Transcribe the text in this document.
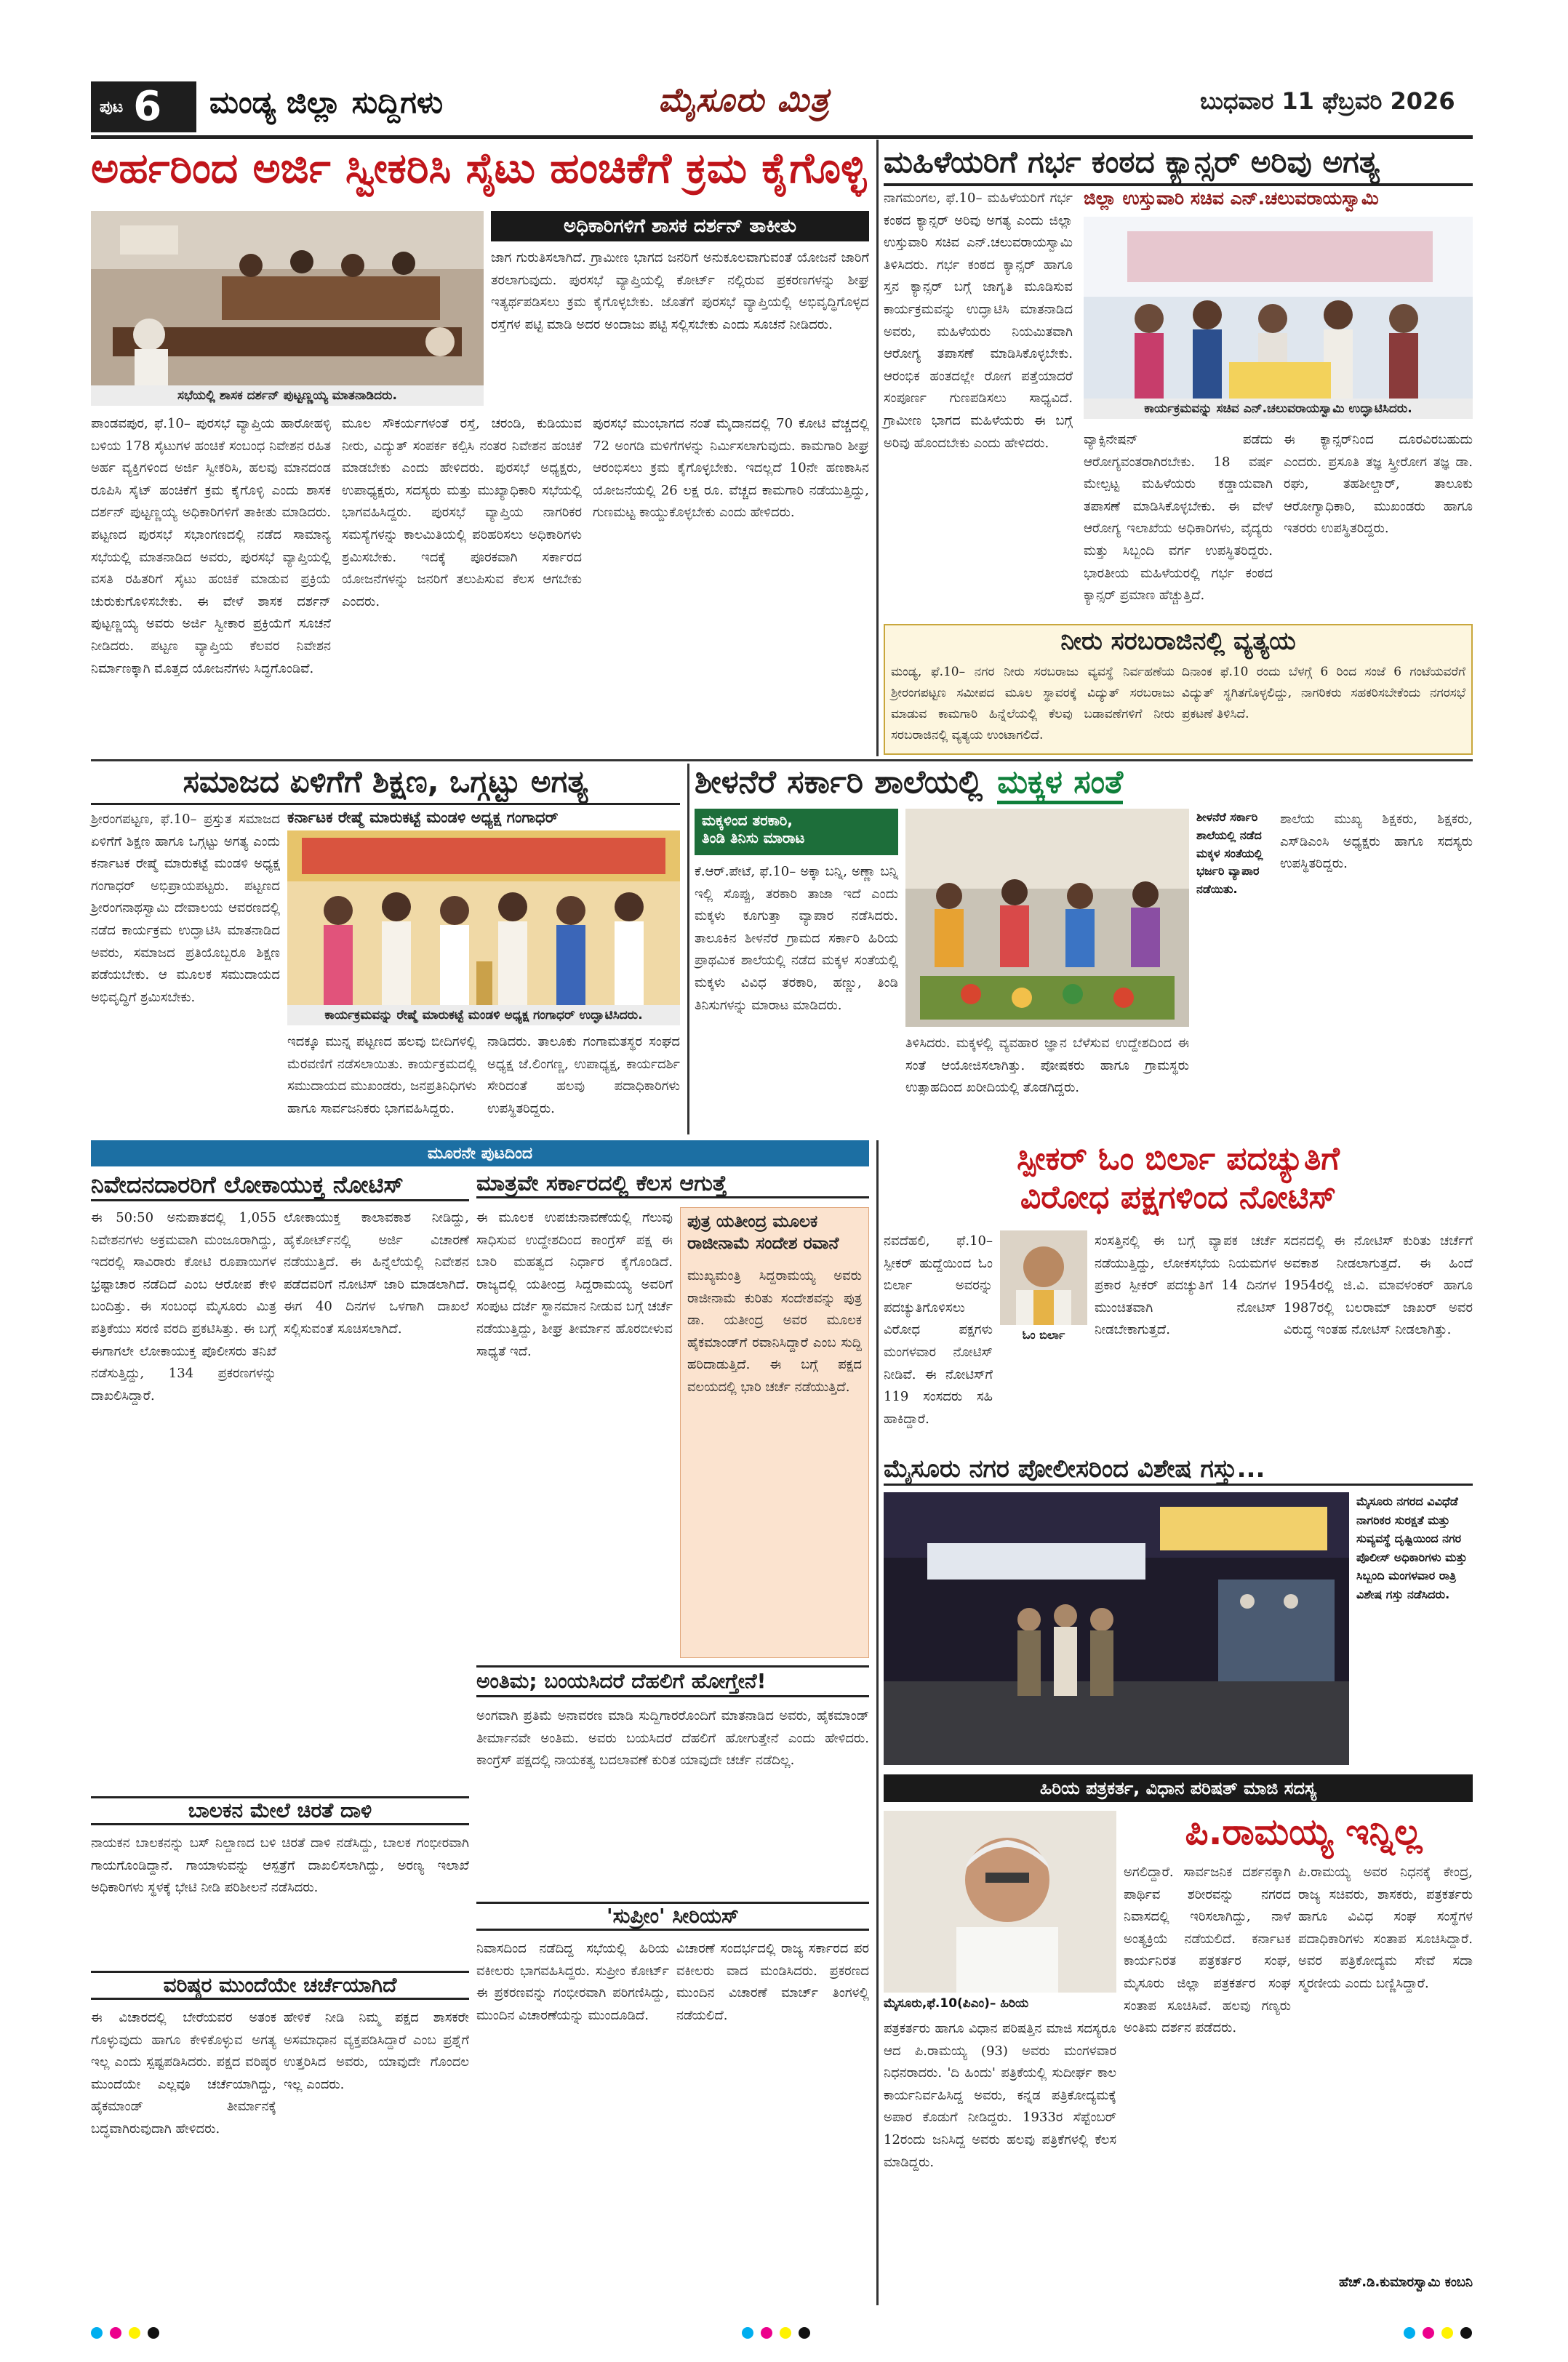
ಪುಟ 6 ಮಂಡ್ಯ ಜಿಲ್ಲಾ ಸುದ್ದಿಗಳು	ಮೈಸೂರು ಮಿತ್ರ	ಬುಧವಾರ 11 ಫೆಬ್ರವರಿ 2026
ಅರ್ಹರಿಂದ ಅರ್ಜಿ ಸ್ವೀಕರಿಸಿ ಸೈಟು ಹಂಚಿಕೆಗೆ ಕ್ರಮ ಕೈಗೊಳ್ಳಿ
ಸಭೆಯಲ್ಲಿ ಶಾಸಕ ದರ್ಶನ್ ಪುಟ್ಟಣ್ಣಯ್ಯ ಮಾತನಾಡಿದರು.
ಅಧಿಕಾರಿಗಳಿಗೆ ಶಾಸಕ ದರ್ಶನ್ ತಾಕೀತು

ಜಾಗ ಗುರುತಿಸಲಾಗಿದೆ. ಗ್ರಾಮೀಣ ಭಾಗದ ಜನರಿಗೆ ಅನುಕೂಲವಾಗುವಂತೆ ಯೋಜನೆ ಜಾರಿಗೆ ತರಲಾಗುವುದು. ಪುರಸಭೆ ವ್ಯಾಪ್ತಿಯಲ್ಲಿ ಕೋರ್ಟ್ ನಲ್ಲಿರುವ ಪ್ರಕರಣಗಳನ್ನು ಶೀಘ್ರ ಇತ್ಯರ್ಥಪಡಿಸಲು ಕ್ರಮ ಕೈಗೊಳ್ಳಬೇಕು. ಜೊತೆಗೆ ಪುರಸಭೆ ವ್ಯಾಪ್ತಿಯಲ್ಲಿ ಅಭಿವೃದ್ಧಿಗೊಳ್ಳದ ರಸ್ತೆಗಳ ಪಟ್ಟಿ ಮಾಡಿ ಅದರ ಅಂದಾಜು ಪಟ್ಟಿ ಸಲ್ಲಿಸಬೇಕು ಎಂದು ಸೂಚನೆ ನೀಡಿದರು.

ಪಾಂಡವಪುರ, ಫೆ.10– ಪುರಸಭೆ ವ್ಯಾಪ್ತಿಯ ಹಾರೋಹಳ್ಳಿ ಬಳಿಯ 178 ಸೈಟುಗಳ ಹಂಚಿಕೆ ಸಂಬಂಧ ನಿವೇಶನ ರಹಿತ ಅರ್ಹ ವ್ಯಕ್ತಿಗಳಿಂದ ಅರ್ಜಿ ಸ್ವೀಕರಿಸಿ, ಹಲವು ಮಾನದಂಡ ರೂಪಿಸಿ ಸೈಟ್ ಹಂಚಿಕೆಗೆ ಕ್ರಮ ಕೈಗೊಳ್ಳಿ ಎಂದು ಶಾಸಕ ದರ್ಶನ್ ಪುಟ್ಟಣ್ಣಯ್ಯ ಅಧಿಕಾರಿಗಳಿಗೆ ತಾಕೀತು ಮಾಡಿದರು. ಪಟ್ಟಣದ ಪುರಸಭೆ ಸಭಾಂಗಣದಲ್ಲಿ ನಡೆದ ಸಾಮಾನ್ಯ ಸಭೆಯಲ್ಲಿ ಮಾತನಾಡಿದ ಅವರು, ಪುರಸಭೆ ವ್ಯಾಪ್ತಿಯಲ್ಲಿ ವಸತಿ ರಹಿತರಿಗೆ ಸೈಟು ಹಂಚಿಕೆ ಮಾಡುವ ಪ್ರಕ್ರಿಯೆ ಚುರುಕುಗೊಳಿಸಬೇಕು. ಈ ವೇಳೆ ಶಾಸಕ ದರ್ಶನ್ ಪುಟ್ಟಣ್ಣಯ್ಯ ಅವರು ಅರ್ಜಿ ಸ್ವೀಕಾರ ಪ್ರಕ್ರಿಯೆಗೆ ಸೂಚನೆ ನೀಡಿದರು. ಪಟ್ಟಣ ವ್ಯಾಪ್ತಿಯ ಕೆಲವರ ನಿವೇಶನ ನಿರ್ಮಾಣಕ್ಕಾಗಿ ಮೊತ್ತದ ಯೋಜನೆಗಳು ಸಿದ್ಧಗೊಂಡಿವೆ.

ಮೂಲ ಸೌಕರ್ಯಗಳಂತೆ ರಸ್ತೆ, ಚರಂಡಿ, ಕುಡಿಯುವ ನೀರು, ವಿದ್ಯುತ್ ಸಂಪರ್ಕ ಕಲ್ಪಿಸಿ ನಂತರ ನಿವೇಶನ ಹಂಚಿಕೆ ಮಾಡಬೇಕು ಎಂದು ಹೇಳಿದರು. ಪುರಸಭೆ ಅಧ್ಯಕ್ಷರು, ಉಪಾಧ್ಯಕ್ಷರು, ಸದಸ್ಯರು ಮತ್ತು ಮುಖ್ಯಾಧಿಕಾರಿ ಸಭೆಯಲ್ಲಿ ಭಾಗವಹಿಸಿದ್ದರು. ಪುರಸಭೆ ವ್ಯಾಪ್ತಿಯ ನಾಗರಿಕರ ಸಮಸ್ಯೆಗಳನ್ನು ಕಾಲಮಿತಿಯಲ್ಲಿ ಪರಿಹರಿಸಲು ಅಧಿಕಾರಿಗಳು ಶ್ರಮಿಸಬೇಕು. ಇದಕ್ಕೆ ಪೂರಕವಾಗಿ ಸರ್ಕಾರದ ಯೋಜನೆಗಳನ್ನು ಜನರಿಗೆ ತಲುಪಿಸುವ ಕೆಲಸ ಆಗಬೇಕು ಎಂದರು.

ಪುರಸಭೆ ಮುಂಭಾಗದ ನಂತೆ ಮೈದಾನದಲ್ಲಿ 70 ಕೋಟಿ ವೆಚ್ಚದಲ್ಲಿ 72 ಅಂಗಡಿ ಮಳಿಗೆಗಳನ್ನು ನಿರ್ಮಿಸಲಾಗುವುದು. ಕಾಮಗಾರಿ ಶೀಘ್ರ ಆರಂಭಿಸಲು ಕ್ರಮ ಕೈಗೊಳ್ಳಬೇಕು. ಇದಲ್ಲದೆ 10ನೇ ಹಣಕಾಸಿನ ಯೋಜನೆಯಲ್ಲಿ 26 ಲಕ್ಷ ರೂ. ವೆಚ್ಚದ ಕಾಮಗಾರಿ ನಡೆಯುತ್ತಿದ್ದು, ಗುಣಮಟ್ಟ ಕಾಯ್ದುಕೊಳ್ಳಬೇಕು ಎಂದು ಹೇಳಿದರು.

ಮಹಿಳೆಯರಿಗೆ ಗರ್ಭ ಕಂಠದ ಕ್ಯಾನ್ಸರ್ ಅರಿವು ಅಗತ್ಯ

ನಾಗಮಂಗಲ, ಫೆ.10– ಮಹಿಳೆಯರಿಗೆ ಗರ್ಭ ಕಂಠದ ಕ್ಯಾನ್ಸರ್ ಅರಿವು ಅಗತ್ಯ ಎಂದು ಜಿಲ್ಲಾ ಉಸ್ತುವಾರಿ ಸಚಿವ ಎನ್.ಚಲುವರಾಯಸ್ವಾಮಿ ತಿಳಿಸಿದರು. ಗರ್ಭ ಕಂಠದ ಕ್ಯಾನ್ಸರ್ ಹಾಗೂ ಸ್ತನ ಕ್ಯಾನ್ಸರ್ ಬಗ್ಗೆ ಜಾಗೃತಿ ಮೂಡಿಸುವ ಕಾರ್ಯಕ್ರಮವನ್ನು ಉದ್ಘಾಟಿಸಿ ಮಾತನಾಡಿದ ಅವರು, ಮಹಿಳೆಯರು ನಿಯಮಿತವಾಗಿ ಆರೋಗ್ಯ ತಪಾಸಣೆ ಮಾಡಿಸಿಕೊಳ್ಳಬೇಕು. ಆರಂಭಿಕ ಹಂತದಲ್ಲೇ ರೋಗ ಪತ್ತೆಯಾದರೆ ಸಂಪೂರ್ಣ ಗುಣಪಡಿಸಲು ಸಾಧ್ಯವಿದೆ. ಗ್ರಾಮೀಣ ಭಾಗದ ಮಹಿಳೆಯರು ಈ ಬಗ್ಗೆ ಅರಿವು ಹೊಂದಬೇಕು ಎಂದು ಹೇಳಿದರು.

ಜಿಲ್ಲಾ ಉಸ್ತುವಾರಿ ಸಚಿವ ಎನ್.ಚಲುವರಾಯಸ್ವಾಮಿ
ಕಾರ್ಯಕ್ರಮವನ್ನು ಸಚಿವ ಎನ್.ಚಲುವರಾಯಸ್ವಾಮಿ ಉದ್ಘಾಟಿಸಿದರು.

ವ್ಯಾಕ್ಸಿನೇಷನ್ ಪಡೆದು ಆರೋಗ್ಯವಂತರಾಗಿರಬೇಕು. 18 ವರ್ಷ ಮೇಲ್ಪಟ್ಟ ಮಹಿಳೆಯರು ಕಡ್ಡಾಯವಾಗಿ ತಪಾಸಣೆ ಮಾಡಿಸಿಕೊಳ್ಳಬೇಕು. ಈ ವೇಳೆ ಆರೋಗ್ಯ ಇಲಾಖೆಯ ಅಧಿಕಾರಿಗಳು, ವೈದ್ಯರು ಮತ್ತು ಸಿಬ್ಬಂದಿ ವರ್ಗ ಉಪಸ್ಥಿತರಿದ್ದರು. ಭಾರತೀಯ ಮಹಿಳೆಯರಲ್ಲಿ ಗರ್ಭ ಕಂಠದ ಕ್ಯಾನ್ಸರ್ ಪ್ರಮಾಣ ಹೆಚ್ಚುತ್ತಿದೆ.

ಈ ಕ್ಯಾನ್ಸರ್‌ನಿಂದ ದೂರವಿರಬಹುದು ಎಂದರು. ಪ್ರಸೂತಿ ತಜ್ಞ ಸ್ತ್ರೀರೋಗ ತಜ್ಞ ಡಾ. ರಘು, ತಹಶೀಲ್ದಾರ್, ತಾಲೂಕು ಆರೋಗ್ಯಾಧಿಕಾರಿ, ಮುಖಂಡರು ಹಾಗೂ ಇತರರು ಉಪಸ್ಥಿತರಿದ್ದರು.

ನೀರು ಸರಬರಾಜಿನಲ್ಲಿ ವ್ಯತ್ಯಯ

ಮಂಡ್ಯ, ಫೆ.10– ನಗರ ನೀರು ಸರಬರಾಜು ವ್ಯವಸ್ಥೆ ನಿರ್ವಹಣೆಯ ಶ್ರೀರಂಗಪಟ್ಟಣ ಸಮೀಪದ ಮೂಲ ಸ್ಥಾವರಕ್ಕೆ ವಿದ್ಯುತ್ ಸರಬರಾಜು ಮಾಡುವ ಕಾಮಗಾರಿ ಹಿನ್ನೆಲೆಯಲ್ಲಿ ಕೆಲವು ಬಡಾವಣೆಗಳಿಗೆ ನೀರು ಸರಬರಾಜಿನಲ್ಲಿ ವ್ಯತ್ಯಯ ಉಂಟಾಗಲಿದೆ.

ದಿನಾಂಕ ಫೆ.10 ರಂದು ಬೆಳಗ್ಗೆ 6 ರಿಂದ ಸಂಜೆ 6 ಗಂಟೆಯವರೆಗೆ ವಿದ್ಯುತ್ ಸ್ಥಗಿತಗೊಳ್ಳಲಿದ್ದು, ನಾಗರಿಕರು ಸಹಕರಿಸಬೇಕೆಂದು ನಗರಸಭೆ ಪ್ರಕಟಣೆ ತಿಳಿಸಿದೆ.

ಸಮಾಜದ ಏಳಿಗೆಗೆ ಶಿಕ್ಷಣ, ಒಗ್ಗಟ್ಟು ಅಗತ್ಯ

ಶ್ರೀರಂಗಪಟ್ಟಣ, ಫೆ.10– ಪ್ರಸ್ತುತ ಸಮಾಜದ ಏಳಿಗೆಗೆ ಶಿಕ್ಷಣ ಹಾಗೂ ಒಗ್ಗಟ್ಟು ಅಗತ್ಯ ಎಂದು ಕರ್ನಾಟಕ ರೇಷ್ಮೆ ಮಾರುಕಟ್ಟೆ ಮಂಡಳಿ ಅಧ್ಯಕ್ಷ ಗಂಗಾಧರ್ ಅಭಿಪ್ರಾಯಪಟ್ಟರು. ಪಟ್ಟಣದ ಶ್ರೀರಂಗನಾಥಸ್ವಾಮಿ ದೇವಾಲಯ ಆವರಣದಲ್ಲಿ ನಡೆದ ಕಾರ್ಯಕ್ರಮ ಉದ್ಘಾಟಿಸಿ ಮಾತನಾಡಿದ ಅವರು, ಸಮಾಜದ ಪ್ರತಿಯೊಬ್ಬರೂ ಶಿಕ್ಷಣ ಪಡೆಯಬೇಕು. ಆ ಮೂಲಕ ಸಮುದಾಯದ ಅಭಿವೃದ್ಧಿಗೆ ಶ್ರಮಿಸಬೇಕು.

ಕರ್ನಾಟಕ ರೇಷ್ಮೆ ಮಾರುಕಟ್ಟೆ ಮಂಡಳಿ ಅಧ್ಯಕ್ಷ ಗಂಗಾಧರ್
ಕಾರ್ಯಕ್ರಮವನ್ನು ರೇಷ್ಮೆ ಮಾರುಕಟ್ಟೆ ಮಂಡಳಿ ಅಧ್ಯಕ್ಷ ಗಂಗಾಧರ್ ಉದ್ಘಾಟಿಸಿದರು.

ಇದಕ್ಕೂ ಮುನ್ನ ಪಟ್ಟಣದ ಹಲವು ಬೀದಿಗಳಲ್ಲಿ ಮೆರವಣಿಗೆ ನಡೆಸಲಾಯಿತು. ಕಾರ್ಯಕ್ರಮದಲ್ಲಿ ಸಮುದಾಯದ ಮುಖಂಡರು, ಜನಪ್ರತಿನಿಧಿಗಳು ಹಾಗೂ ಸಾರ್ವಜನಿಕರು ಭಾಗವಹಿಸಿದ್ದರು.

ನಾಡಿದರು. ತಾಲೂಕು ಗಂಗಾಮತಸ್ಥರ ಸಂಘದ ಅಧ್ಯಕ್ಷ ಜೆ.ಲಿಂಗಣ್ಣ, ಉಪಾಧ್ಯಕ್ಷ, ಕಾರ್ಯದರ್ಶಿ ಸೇರಿದಂತೆ ಹಲವು ಪದಾಧಿಕಾರಿಗಳು ಉಪಸ್ಥಿತರಿದ್ದರು.

ಶೀಳನೆರೆ ಸರ್ಕಾರಿ ಶಾಲೆಯಲ್ಲಿ ಮಕ್ಕಳ ಸಂತೆ
ಮಕ್ಕಳಿಂದ ತರಕಾರಿ,
ತಿಂಡಿ ತಿನಿಸು ಮಾರಾಟ

ಕೆ.ಆರ್.ಪೇಟೆ, ಫೆ.10– ಅಕ್ಕಾ ಬನ್ನಿ, ಅಣ್ಣಾ ಬನ್ನಿ ಇಲ್ಲಿ ಸೊಪ್ಪು, ತರಕಾರಿ ತಾಜಾ ಇದೆ ಎಂದು ಮಕ್ಕಳು ಕೂಗುತ್ತಾ ವ್ಯಾಪಾರ ನಡೆಸಿದರು. ತಾಲೂಕಿನ ಶೀಳನೆರೆ ಗ್ರಾಮದ ಸರ್ಕಾರಿ ಹಿರಿಯ ಪ್ರಾಥಮಿಕ ಶಾಲೆಯಲ್ಲಿ ನಡೆದ ಮಕ್ಕಳ ಸಂತೆಯಲ್ಲಿ ಮಕ್ಕಳು ವಿವಿಧ ತರಕಾರಿ, ಹಣ್ಣು, ತಿಂಡಿ ತಿನಿಸುಗಳನ್ನು ಮಾರಾಟ ಮಾಡಿದರು.

ಶೀಳನೆರೆ ಸರ್ಕಾರಿ ಶಾಲೆಯಲ್ಲಿ ನಡೆದ ಮಕ್ಕಳ ಸಂತೆಯಲ್ಲಿ ಭರ್ಜರಿ ವ್ಯಾಪಾರ ನಡೆಯಿತು.

ತಿಳಿಸಿದರು. ಮಕ್ಕಳಲ್ಲಿ ವ್ಯವಹಾರ ಜ್ಞಾನ ಬೆಳೆಸುವ ಉದ್ದೇಶದಿಂದ ಈ ಸಂತೆ ಆಯೋಜಿಸಲಾಗಿತ್ತು. ಪೋಷಕರು ಹಾಗೂ ಗ್ರಾಮಸ್ಥರು ಉತ್ಸಾಹದಿಂದ ಖರೀದಿಯಲ್ಲಿ ತೊಡಗಿದ್ದರು.

ಶಾಲೆಯ ಮುಖ್ಯ ಶಿಕ್ಷಕರು, ಶಿಕ್ಷಕರು, ಎಸ್‌ಡಿಎಂಸಿ ಅಧ್ಯಕ್ಷರು ಹಾಗೂ ಸದಸ್ಯರು ಉಪಸ್ಥಿತರಿದ್ದರು.

ಮೂರನೇ ಪುಟದಿಂದ
ನಿವೇದನದಾರರಿಗೆ ಲೋಕಾಯುಕ್ತ ನೋಟಿಸ್

ಈ 50:50 ಅನುಪಾತದಲ್ಲಿ 1,055 ನಿವೇಶನಗಳು ಅಕ್ರಮವಾಗಿ ಮಂಜೂರಾಗಿದ್ದು, ಇದರಲ್ಲಿ ಸಾವಿರಾರು ಕೋಟಿ ರೂಪಾಯಿಗಳ ಭ್ರಷ್ಟಾಚಾರ ನಡೆದಿದೆ ಎಂಬ ಆರೋಪ ಕೇಳಿ ಬಂದಿತ್ತು. ಈ ಸಂಬಂಧ ಮೈಸೂರು ಮಿತ್ರ ಪತ್ರಿಕೆಯು ಸರಣಿ ವರದಿ ಪ್ರಕಟಿಸಿತ್ತು. ಈ ಬಗ್ಗೆ ಈಗಾಗಲೇ ಲೋಕಾಯುಕ್ತ ಪೊಲೀಸರು ತನಿಖೆ ನಡೆಸುತ್ತಿದ್ದು, 134 ಪ್ರಕರಣಗಳನ್ನು ದಾಖಲಿಸಿದ್ದಾರೆ.

ಲೋಕಾಯುಕ್ತ ಕಾಲಾವಕಾಶ ನೀಡಿದ್ದು, ಹೈಕೋರ್ಟ್‌ನಲ್ಲಿ ಅರ್ಜಿ ವಿಚಾರಣೆ ನಡೆಯುತ್ತಿದೆ. ಈ ಹಿನ್ನೆಲೆಯಲ್ಲಿ ನಿವೇಶನ ಪಡೆದವರಿಗೆ ನೋಟಿಸ್ ಜಾರಿ ಮಾಡಲಾಗಿದೆ. ಈಗ 40 ದಿನಗಳ ಒಳಗಾಗಿ ದಾಖಲೆ ಸಲ್ಲಿಸುವಂತೆ ಸೂಚಿಸಲಾಗಿದೆ.

ಮಾತ್ರವೇ ಸರ್ಕಾರದಲ್ಲಿ ಕೆಲಸ ಆಗುತ್ತೆ

ಈ ಮೂಲಕ ಉಪಚುನಾವಣೆಯಲ್ಲಿ ಗೆಲುವು ಸಾಧಿಸುವ ಉದ್ದೇಶದಿಂದ ಕಾಂಗ್ರೆಸ್ ಪಕ್ಷ ಈ ಬಾರಿ ಮಹತ್ವದ ನಿರ್ಧಾರ ಕೈಗೊಂಡಿದೆ. ರಾಜ್ಯದಲ್ಲಿ ಯತೀಂದ್ರ ಸಿದ್ದರಾಮಯ್ಯ ಅವರಿಗೆ ಸಂಪುಟ ದರ್ಜೆ ಸ್ಥಾನಮಾನ ನೀಡುವ ಬಗ್ಗೆ ಚರ್ಚೆ ನಡೆಯುತ್ತಿದ್ದು, ಶೀಘ್ರ ತೀರ್ಮಾನ ಹೊರಬೀಳುವ ಸಾಧ್ಯತೆ ಇದೆ.

ಪುತ್ರ ಯತೀಂದ್ರ ಮೂಲಕ ರಾಜೀನಾಮೆ ಸಂದೇಶ ರವಾನೆ

ಮುಖ್ಯಮಂತ್ರಿ ಸಿದ್ದರಾಮಯ್ಯ ಅವರು ರಾಜೀನಾಮೆ ಕುರಿತು ಸಂದೇಶವನ್ನು ಪುತ್ರ ಡಾ. ಯತೀಂದ್ರ ಅವರ ಮೂಲಕ ಹೈಕಮಾಂಡ್‌ಗೆ ರವಾನಿಸಿದ್ದಾರೆ ಎಂಬ ಸುದ್ದಿ ಹರಿದಾಡುತ್ತಿದೆ. ಈ ಬಗ್ಗೆ ಪಕ್ಷದ ವಲಯದಲ್ಲಿ ಭಾರಿ ಚರ್ಚೆ ನಡೆಯುತ್ತಿದೆ.

ಅಂತಿಮ; ಬಂಯಸಿದರೆ ದೆಹಲಿಗೆ ಹೋಗ್ತೇನೆ!

ಅಂಗವಾಗಿ ಪ್ರತಿಮೆ ಅನಾವರಣ ಮಾಡಿ ಸುದ್ದಿಗಾರರೊಂದಿಗೆ ಮಾತನಾಡಿದ ಅವರು, ಹೈಕಮಾಂಡ್ ತೀರ್ಮಾನವೇ ಅಂತಿಮ. ಅವರು ಬಯಸಿದರೆ ದೆಹಲಿಗೆ ಹೋಗುತ್ತೇನೆ ಎಂದು ಹೇಳಿದರು. ಕಾಂಗ್ರೆಸ್ ಪಕ್ಷದಲ್ಲಿ ನಾಯಕತ್ವ ಬದಲಾವಣೆ ಕುರಿತ ಯಾವುದೇ ಚರ್ಚೆ ನಡೆದಿಲ್ಲ.

ಬಾಲಕನ ಮೇಲೆ ಚಿರತೆ ದಾಳಿ

ನಾಯಕನ ಬಾಲಕನನ್ನು ಬಸ್ ನಿಲ್ದಾಣದ ಬಳಿ ಚಿರತೆ ದಾಳಿ ನಡೆಸಿದ್ದು, ಬಾಲಕ ಗಂಭೀರವಾಗಿ ಗಾಯಗೊಂಡಿದ್ದಾನೆ. ಗಾಯಾಳುವನ್ನು ಆಸ್ಪತ್ರೆಗೆ ದಾಖಲಿಸಲಾಗಿದ್ದು, ಅರಣ್ಯ ಇಲಾಖೆ ಅಧಿಕಾರಿಗಳು ಸ್ಥಳಕ್ಕೆ ಭೇಟಿ ನೀಡಿ ಪರಿಶೀಲನೆ ನಡೆಸಿದರು.

ವರಿಷ್ಠರ ಮುಂದೆಯೇ ಚರ್ಚೆಯಾಗಿದೆ

ಈ ವಿಚಾರದಲ್ಲಿ ಬೇರೆಯವರ ಅತಂಕ ಗೊಳ್ಳುವುದು ಹಾಗೂ ಕೇಳಿಕೊಳ್ಳುವ ಅಗತ್ಯ ಇಲ್ಲ ಎಂದು ಸ್ಪಷ್ಟಪಡಿಸಿದರು. ಪಕ್ಷದ ವರಿಷ್ಠರ ಮುಂದೆಯೇ ಎಲ್ಲವೂ ಚರ್ಚೆಯಾಗಿದ್ದು, ಹೈಕಮಾಂಡ್ ತೀರ್ಮಾನಕ್ಕೆ ಬದ್ಧವಾಗಿರುವುದಾಗಿ ಹೇಳಿದರು.

ಹೇಳಿಕೆ ನೀಡಿ ನಿಮ್ಮ ಪಕ್ಷದ ಶಾಸಕರೇ ಅಸಮಾಧಾನ ವ್ಯಕ್ತಪಡಿಸಿದ್ದಾರೆ ಎಂಬ ಪ್ರಶ್ನೆಗೆ ಉತ್ತರಿಸಿದ ಅವರು, ಯಾವುದೇ ಗೊಂದಲ ಇಲ್ಲ ಎಂದರು.

'ಸುಪ್ರೀಂ' ಸೀರಿಯಸ್

ನಿವಾಸದಿಂದ ನಡೆದಿದ್ದ ಸಭೆಯಲ್ಲಿ ಹಿರಿಯ ವಕೀಲರು ಭಾಗವಹಿಸಿದ್ದರು. ಸುಪ್ರೀಂ ಕೋರ್ಟ್ ಈ ಪ್ರಕರಣವನ್ನು ಗಂಭೀರವಾಗಿ ಪರಿಗಣಿಸಿದ್ದು, ಮುಂದಿನ ವಿಚಾರಣೆಯನ್ನು ಮುಂದೂಡಿದೆ.

ವಿಚಾರಣೆ ಸಂದರ್ಭದಲ್ಲಿ ರಾಜ್ಯ ಸರ್ಕಾರದ ಪರ ವಕೀಲರು ವಾದ ಮಂಡಿಸಿದರು. ಪ್ರಕರಣದ ಮುಂದಿನ ವಿಚಾರಣೆ ಮಾರ್ಚ್ ತಿಂಗಳಲ್ಲಿ ನಡೆಯಲಿದೆ.

ಸ್ಪೀಕರ್ ಓಂ ಬಿರ್ಲಾ ಪದಚ್ಯುತಿಗೆ
ವಿರೋಧ ಪಕ್ಷಗಳಿಂದ ನೋಟಿಸ್

ನವದೆಹಲಿ, ಫೆ.10– ಸ್ಪೀಕರ್ ಹುದ್ದೆಯಿಂದ ಓಂ ಬಿರ್ಲಾ ಅವರನ್ನು ಪದಚ್ಯುತಿಗೊಳಿಸಲು ವಿರೋಧ ಪಕ್ಷಗಳು ಮಂಗಳವಾರ ನೋಟಿಸ್ ನೀಡಿವೆ. ಈ ನೋಟಿಸ್‌ಗೆ 119 ಸಂಸದರು ಸಹಿ ಹಾಕಿದ್ದಾರೆ.

ಓಂ ಬಿರ್ಲಾ

ಸಂಸತ್ತಿನಲ್ಲಿ ಈ ಬಗ್ಗೆ ವ್ಯಾಪಕ ಚರ್ಚೆ ನಡೆಯುತ್ತಿದ್ದು, ಲೋಕಸಭೆಯ ನಿಯಮಗಳ ಪ್ರಕಾರ ಸ್ಪೀಕರ್ ಪದಚ್ಯುತಿಗೆ 14 ದಿನಗಳ ಮುಂಚಿತವಾಗಿ ನೋಟಿಸ್ ನೀಡಬೇಕಾಗುತ್ತದೆ.

ಸದನದಲ್ಲಿ ಈ ನೋಟಿಸ್ ಕುರಿತು ಚರ್ಚೆಗೆ ಅವಕಾಶ ನೀಡಲಾಗುತ್ತದೆ. ಈ ಹಿಂದೆ 1954ರಲ್ಲಿ ಜಿ.ವಿ. ಮಾವಳಂಕರ್ ಹಾಗೂ 1987ರಲ್ಲಿ ಬಲರಾಮ್ ಜಾಖರ್ ಅವರ ವಿರುದ್ಧ ಇಂತಹ ನೋಟಿಸ್ ನೀಡಲಾಗಿತ್ತು.

ಮೈಸೂರು ನಗರ ಪೋಲೀಸರಿಂದ ವಿಶೇಷ ಗಸ್ತು...
ಮೈಸೂರು ನಗರದ ವಿವಿಧೆಡೆ ನಾಗರಿಕರ ಸುರಕ್ಷತೆ ಮತ್ತು ಸುವ್ಯವಸ್ಥೆ ದೃಷ್ಟಿಯಿಂದ ನಗರ ಪೊಲೀಸ್ ಅಧಿಕಾರಿಗಳು ಮತ್ತು ಸಿಬ್ಬಂದಿ ಮಂಗಳವಾರ ರಾತ್ರಿ ವಿಶೇಷ ಗಸ್ತು ನಡೆಸಿದರು.
ಹಿರಿಯ ಪತ್ರಕರ್ತ, ವಿಧಾನ ಪರಿಷತ್ ಮಾಜಿ ಸದಸ್ಯ
ಪಿ.ರಾಮಯ್ಯ ಇನ್ನಿಲ್ಲ
ಮೈಸೂರು,ಫೆ.10(ಪಿಎಂ)– ಹಿರಿಯ

ಪತ್ರಕರ್ತರು ಹಾಗೂ ವಿಧಾನ ಪರಿಷತ್ತಿನ ಮಾಜಿ ಸದಸ್ಯರೂ ಆದ ಪಿ.ರಾಮಯ್ಯ (93) ಅವರು ಮಂಗಳವಾರ ನಿಧನರಾದರು. 'ದಿ ಹಿಂದು' ಪತ್ರಿಕೆಯಲ್ಲಿ ಸುದೀರ್ಘ ಕಾಲ ಕಾರ್ಯನಿರ್ವಹಿಸಿದ್ದ ಅವರು, ಕನ್ನಡ ಪತ್ರಿಕೋದ್ಯಮಕ್ಕೆ ಅಪಾರ ಕೊಡುಗೆ ನೀಡಿದ್ದರು. 1933ರ ಸೆಪ್ಟೆಂಬರ್ 12ರಂದು ಜನಿಸಿದ್ದ ಅವರು ಹಲವು ಪತ್ರಿಕೆಗಳಲ್ಲಿ ಕೆಲಸ ಮಾಡಿದ್ದರು.

ಅಗಲಿದ್ದಾರೆ. ಸಾರ್ವಜನಿಕ ದರ್ಶನಕ್ಕಾಗಿ ಪಾರ್ಥಿವ ಶರೀರವನ್ನು ನಗರದ ನಿವಾಸದಲ್ಲಿ ಇರಿಸಲಾಗಿದ್ದು, ನಾಳೆ ಅಂತ್ಯಕ್ರಿಯೆ ನಡೆಯಲಿದೆ. ಕರ್ನಾಟಕ ಕಾರ್ಯನಿರತ ಪತ್ರಕರ್ತರ ಸಂಘ, ಮೈಸೂರು ಜಿಲ್ಲಾ ಪತ್ರಕರ್ತರ ಸಂಘ ಸಂತಾಪ ಸೂಚಿಸಿವೆ. ಹಲವು ಗಣ್ಯರು ಅಂತಿಮ ದರ್ಶನ ಪಡೆದರು.

ಪಿ.ರಾಮಯ್ಯ ಅವರ ನಿಧನಕ್ಕೆ ಕೇಂದ್ರ, ರಾಜ್ಯ ಸಚಿವರು, ಶಾಸಕರು, ಪತ್ರಕರ್ತರು ಹಾಗೂ ವಿವಿಧ ಸಂಘ ಸಂಸ್ಥೆಗಳ ಪದಾಧಿಕಾರಿಗಳು ಸಂತಾಪ ಸೂಚಿಸಿದ್ದಾರೆ. ಅವರ ಪತ್ರಿಕೋದ್ಯಮ ಸೇವೆ ಸದಾ ಸ್ಮರಣೀಯ ಎಂದು ಬಣ್ಣಿಸಿದ್ದಾರೆ.

ಹೆಚ್.ಡಿ.ಕುಮಾರಸ್ವಾಮಿ ಕಂಬನಿ
